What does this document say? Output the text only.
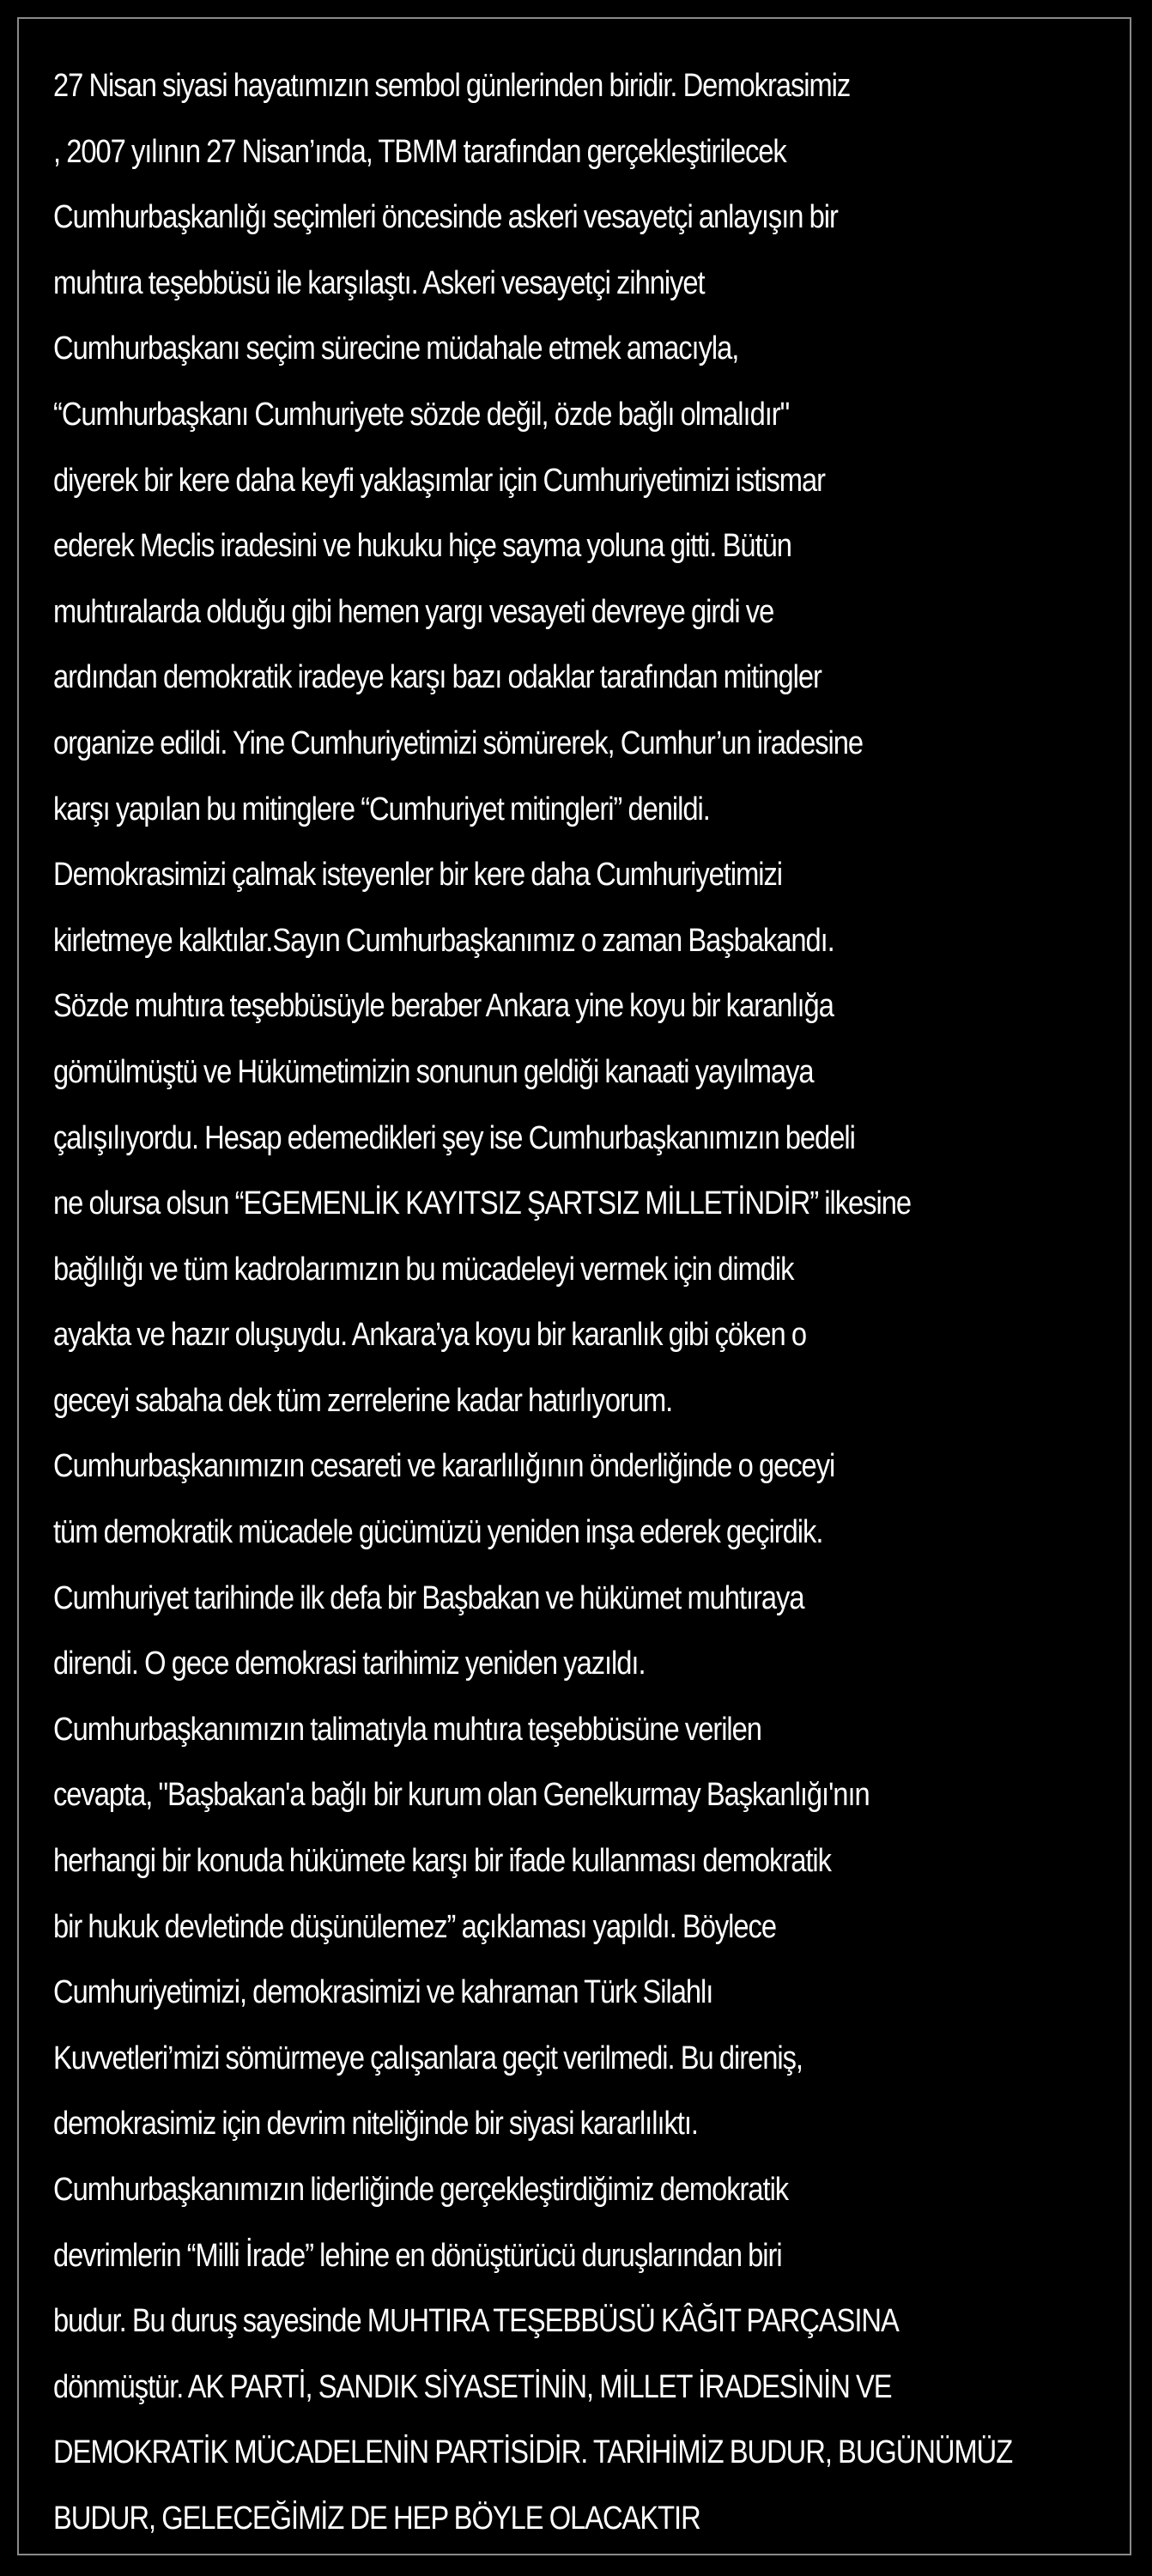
27 Nisan siyasi hayatımızın sembol günlerinden biridir. Demokrasimiz
, 2007 yılının 27 Nisan’ında, TBMM tarafından gerçekleştirilecek
Cumhurbaşkanlığı seçimleri öncesinde askeri vesayetçi anlayışın bir
muhtıra teşebbüsü ile karşılaştı. Askeri vesayetçi zihniyet
Cumhurbaşkanı seçim sürecine müdahale etmek amacıyla,
“Cumhurbaşkanı Cumhuriyete sözde değil, özde bağlı olmalıdır"
diyerek bir kere daha keyfi yaklaşımlar için Cumhuriyetimizi istismar
ederek Meclis iradesini ve hukuku hiçe sayma yoluna gitti. Bütün
muhtıralarda olduğu gibi hemen yargı vesayeti devreye girdi ve
ardından demokratik iradeye karşı bazı odaklar tarafından mitingler
organize edildi. Yine Cumhuriyetimizi sömürerek, Cumhur’un iradesine
karşı yapılan bu mitinglere “Cumhuriyet mitingleri” denildi.
Demokrasimizi çalmak isteyenler bir kere daha Cumhuriyetimizi
kirletmeye kalktılar.Sayın Cumhurbaşkanımız o zaman Başbakandı.
Sözde muhtıra teşebbüsüyle beraber Ankara yine koyu bir karanlığa
gömülmüştü ve Hükümetimizin sonunun geldiği kanaati yayılmaya
çalışılıyordu. Hesap edemedikleri şey ise Cumhurbaşkanımızın bedeli
ne olursa olsun “EGEMENLİK KAYITSIZ ŞARTSIZ MİLLETİNDİR” ilkesine
bağlılığı ve tüm kadrolarımızın bu mücadeleyi vermek için dimdik
ayakta ve hazır oluşuydu. Ankara’ya koyu bir karanlık gibi çöken o
geceyi sabaha dek tüm zerrelerine kadar hatırlıyorum.
Cumhurbaşkanımızın cesareti ve kararlılığının önderliğinde o geceyi
tüm demokratik mücadele gücümüzü yeniden inşa ederek geçirdik.
Cumhuriyet tarihinde ilk defa bir Başbakan ve hükümet muhtıraya
direndi. O gece demokrasi tarihimiz yeniden yazıldı.
Cumhurbaşkanımızın talimatıyla muhtıra teşebbüsüne verilen
cevapta, "Başbakan'a bağlı bir kurum olan Genelkurmay Başkanlığı'nın
herhangi bir konuda hükümete karşı bir ifade kullanması demokratik
bir hukuk devletinde düşünülemez” açıklaması yapıldı. Böylece
Cumhuriyetimizi, demokrasimizi ve kahraman Türk Silahlı
Kuvvetleri’mizi sömürmeye çalışanlara geçit verilmedi. Bu direniş,
demokrasimiz için devrim niteliğinde bir siyasi kararlılıktı.
Cumhurbaşkanımızın liderliğinde gerçekleştirdiğimiz demokratik
devrimlerin “Milli İrade” lehine en dönüştürücü duruşlarından biri
budur. Bu duruş sayesinde MUHTIRA TEŞEBBÜSÜ KÂĞIT PARÇASINA
dönmüştür. AK PARTİ, SANDIK SİYASETİNİN, MİLLET İRADESİNİN VE
DEMOKRATİK MÜCADELENİN PARTİSİDİR. TARİHİMİZ BUDUR, BUGÜNÜMÜZ
BUDUR, GELECEĞİMİZ DE HEP BÖYLE OLACAKTIR
